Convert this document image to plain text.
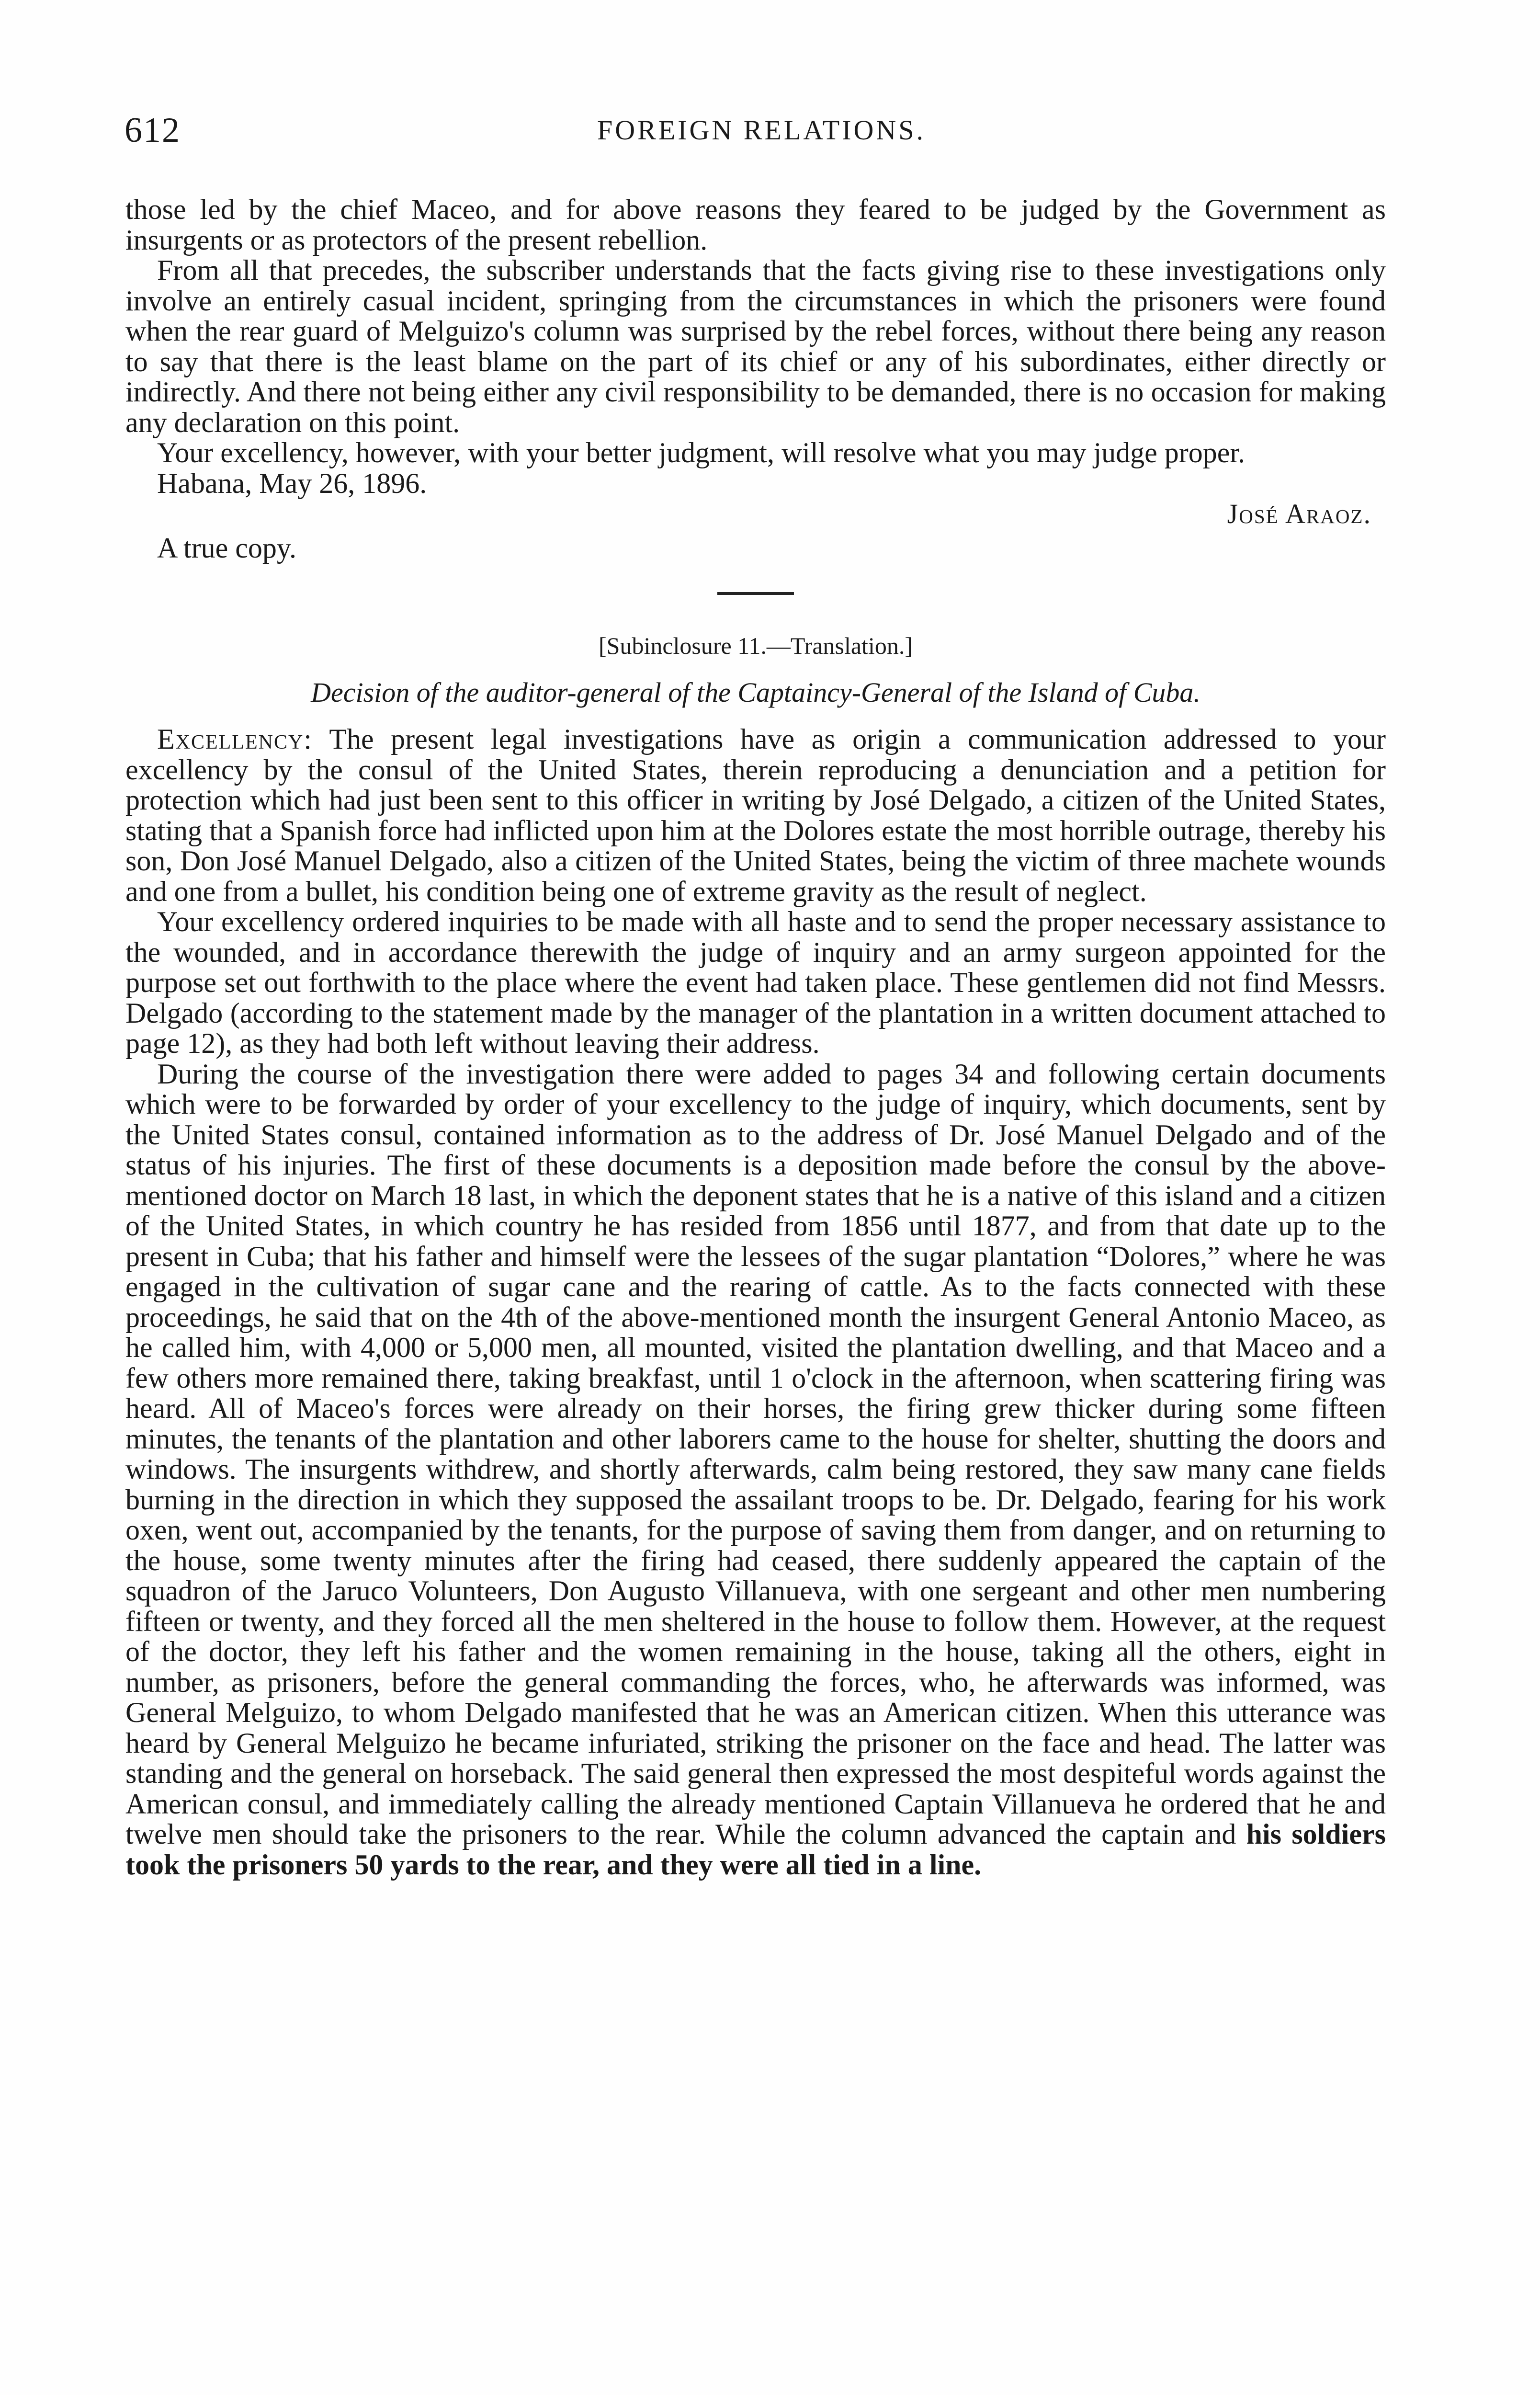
612	FOREIGN RELATIONS.

those led by the chief Maceo, and for above reasons they feared to be judged by the Government as insurgents or as protectors of the present rebellion.

From all that precedes, the subscriber understands that the facts giving rise to these investigations only involve an entirely casual incident, springing from the circumstances in which the prisoners were found when the rear guard of Melguizo's column was surprised by the rebel forces, without there being any reason to say that there is the least blame on the part of its chief or any of his subordinates, either directly or indirectly. And there not being either any civil responsibility to be demanded, there is no occasion for making any declaration on this point.

Your excellency, however, with your better judgment, will resolve what you may judge proper.

Habana, May 26, 1896.

José Araoz.

A true copy.

[Subinclosure 11.—Translation.]
Decision of the auditor-general of the Captaincy-General of the Island of Cuba.

Excellency: The present legal investigations have as origin a communication addressed to your excellency by the consul of the United States, therein reproducing a denunciation and a petition for protection which had just been sent to this officer in writing by José Delgado, a citizen of the United States, stating that a Spanish force had inflicted upon him at the Dolores estate the most horrible outrage, thereby his son, Don José Manuel Delgado, also a citizen of the United States, being the victim of three machete wounds and one from a bullet, his condition being one of extreme gravity as the result of neglect.

Your excellency ordered inquiries to be made with all haste and to send the proper necessary assistance to the wounded, and in accordance therewith the judge of inquiry and an army surgeon appointed for the purpose set out forthwith to the place where the event had taken place. These gentlemen did not find Messrs. Delgado (according to the statement made by the manager of the plantation in a written document attached to page 12), as they had both left without leaving their address.

During the course of the investigation there were added to pages 34 and following certain documents which were to be forwarded by order of your excellency to the judge of inquiry, which documents, sent by the United States consul, contained information as to the address of Dr. José Manuel Delgado and of the status of his injuries. The first of these documents is a deposition made before the consul by the above-mentioned doctor on March 18 last, in which the deponent states that he is a native of this island and a citizen of the United States, in which country he has resided from 1856 until 1877, and from that date up to the present in Cuba; that his father and himself were the lessees of the sugar plantation “Dolores,” where he was engaged in the cultivation of sugar cane and the rearing of cattle. As to the facts connected with these proceedings, he said that on the 4th of the above-mentioned month the insurgent General Antonio Maceo, as he called him, with 4,000 or 5,000 men, all mounted, visited the plantation dwelling, and that Maceo and a few others more remained there, taking breakfast, until 1 o'clock in the afternoon, when scattering firing was heard. All of Maceo's forces were already on their horses, the firing grew thicker during some fifteen minutes, the tenants of the plantation and other laborers came to the house for shelter, shutting the doors and windows. The insurgents withdrew, and shortly afterwards, calm being restored, they saw many cane fields burning in the direction in which they supposed the assailant troops to be. Dr. Delgado, fearing for his work oxen, went out, accompanied by the tenants, for the purpose of saving them from danger, and on returning to the house, some twenty minutes after the firing had ceased, there suddenly appeared the captain of the squadron of the Jaruco Volunteers, Don Augusto Villanueva, with one sergeant and other men numbering fifteen or twenty, and they forced all the men sheltered in the house to follow them. However, at the request of the doctor, they left his father and the women remaining in the house, taking all the others, eight in number, as prisoners, before the general commanding the forces, who, he afterwards was informed, was General Melguizo, to whom Delgado manifested that he was an American citizen. When this utterance was heard by General Melguizo he became infuriated, striking the prisoner on the face and head. The latter was standing and the general on horseback. The said general then expressed the most despiteful words against the American consul, and immediately calling the already mentioned Captain Villanueva he ordered that he and twelve men should take the prisoners to the rear. While the column advanced the captain and his soldiers took the prisoners 50 yards to the rear, and they were all tied in a line.
